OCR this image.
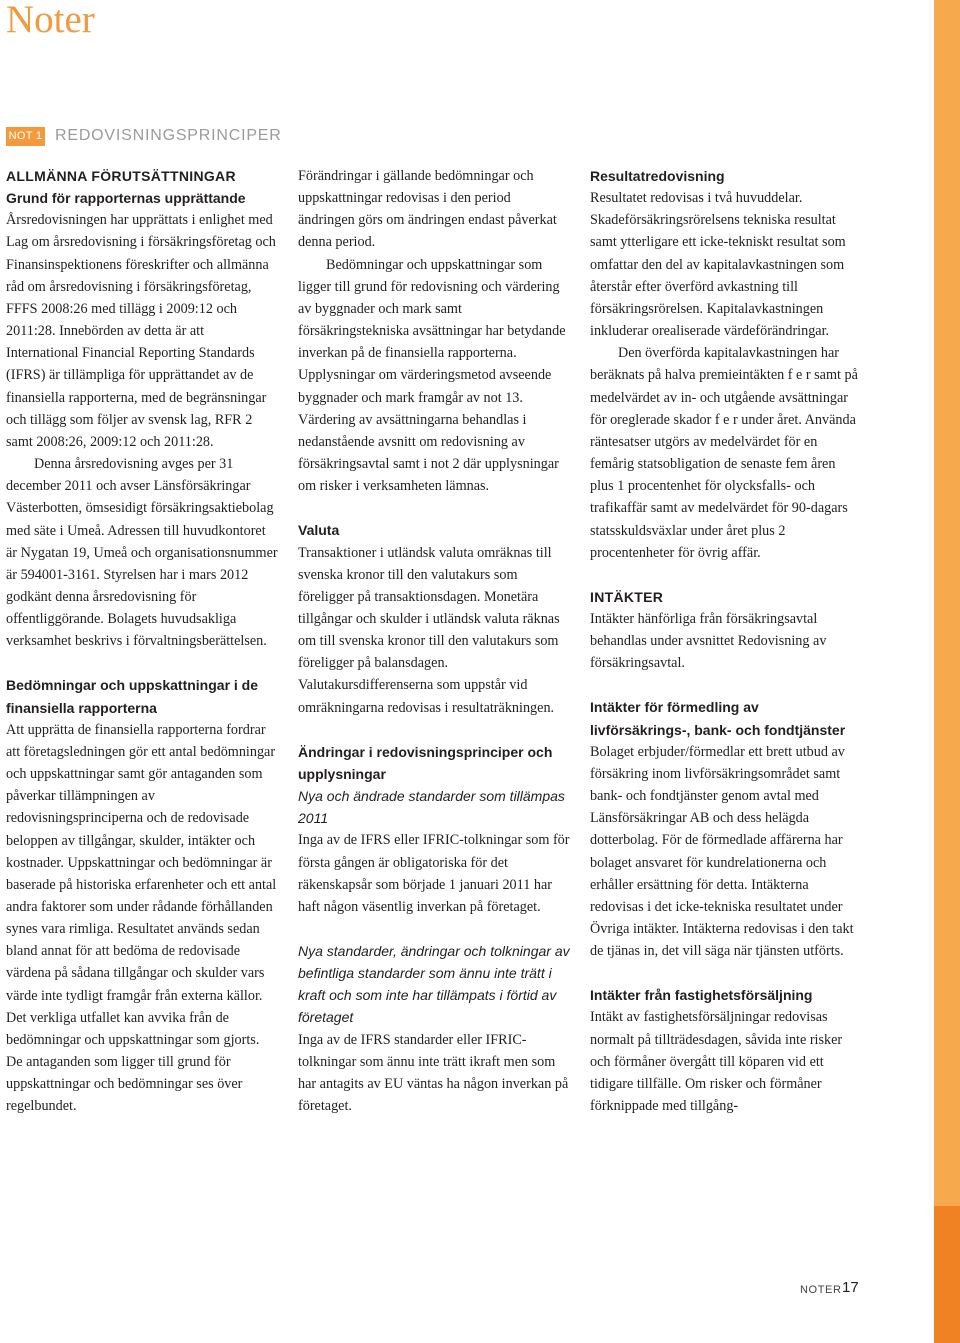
Noter
NOT 1 REDOVISNINGSPRINCIPER
ALLMÄNNA FÖRUTSÄTTNINGAR
Grund för rapporternas upprättande

Årsredovisningen har upprättats i enlighet med Lag om årsredovisning i försäkringsföretag och Finansinspektionens föreskrifter och allmänna råd om årsredovisning i försäkringsföretag, FFFS 2008:26 med tillägg i 2009:12 och 2011:28. Innebörden av detta är att International Financial Reporting Standards (IFRS) är tillämpliga för upprättandet av de finansiella rapporterna, med de begränsningar och tillägg som följer av svensk lag, RFR 2 samt 2008:26, 2009:12 och 2011:28.

Denna årsredovisning avges per 31 december 2011 och avser Länsförsäkringar Västerbotten, ömsesidigt försäkringsaktiebolag med säte i Umeå. Adressen till huvudkontoret är Nygatan 19, Umeå och organisationsnummer är 594001-3161. Styrelsen har i mars 2012 godkänt denna årsredovisning för offentliggörande. Bolagets huvudsakliga verksamhet beskrivs i förvaltningsberättelsen.

Bedömningar och uppskattningar i de finansiella rapporterna

Att upprätta de finansiella rapporterna fordrar att företagsledningen gör ett antal bedömningar och uppskattningar samt gör antaganden som påverkar tillämpningen av redovisningsprinciperna och de redovisade beloppen av tillgångar, skulder, intäkter och kostnader. Uppskattningar och bedömningar är baserade på historiska erfarenheter och ett antal andra faktorer som under rådande förhållanden synes vara rimliga. Resultatet används sedan bland annat för att bedöma de redovisade värdena på sådana tillgångar och skulder vars värde inte tydligt framgår från externa källor. Det verkliga utfallet kan avvika från de bedömningar och uppskattningar som gjorts. De antaganden som ligger till grund för uppskattningar och bedömningar ses över regelbundet.

Förändringar i gällande bedömningar och uppskattningar redovisas i den period ändringen görs om ändringen endast påverkat denna period.

Bedömningar och uppskattningar som ligger till grund för redovisning och värdering av byggnader och mark samt försäkringstekniska avsättningar har betydande inverkan på de finansiella rapporterna. Upplysningar om värderingsmetod avseende byggnader och mark framgår av not 13. Värdering av avsättningarna behandlas i nedanstående avsnitt om redovisning av försäkringsavtal samt i not 2 där upplysningar om risker i verksamheten lämnas.

Valuta

Transaktioner i utländsk valuta omräknas till svenska kronor till den valutakurs som föreligger på transaktionsdagen. Monetära tillgångar och skulder i utländsk valuta räknas om till svenska kronor till den valutakurs som föreligger på balansdagen. Valutakursdifferenserna som uppstår vid omräkningarna redovisas i resultaträkningen.

Ändringar i redovisningsprinciper och upplysningar
Nya och ändrade standarder som tillämpas 2011

Inga av de IFRS eller IFRIC-tolkningar som för första gången är obligatoriska för det räkenskapsår som började 1 januari 2011 har haft någon väsentlig inverkan på företaget.

Nya standarder, ändringar och tolkningar av befintliga standarder som ännu inte trätt i kraft och som inte har tillämpats i förtid av företaget

Inga av de IFRS standarder eller IFRIC-tolkningar som ännu inte trätt ikraft men som har antagits av EU väntas ha någon inverkan på företaget.

Resultatredovisning

Resultatet redovisas i två huvuddelar. Skadeförsäkringsrörelsens tekniska resultat samt ytterligare ett icke-tekniskt resultat som omfattar den del av kapitalavkastningen som återstår efter överförd avkastning till försäkringsrörelsen. Kapitalavkastningen inkluderar orealiserade värdeförändringar.

Den överförda kapitalavkastningen har beräknats på halva premieintäkten f e r samt på medelvärdet av in- och utgående avsättningar för oreglerade skador f e r under året. Använda räntesatser utgörs av medelvärdet för en femårig statsobligation de senaste fem åren plus 1 procentenhet för olycksfalls- och trafikaffär samt av medelvärdet för 90-dagars statsskuldsväxlar under året plus 2 procentenheter för övrig affär.

INTÄKTER

Intäkter hänförliga från försäkringsavtal behandlas under avsnittet Redovisning av försäkringsavtal.

Intäkter för förmedling av livförsäkrings-, bank- och fondtjänster

Bolaget erbjuder/förmedlar ett brett utbud av försäkring inom livförsäkringsområdet samt bank- och fondtjänster genom avtal med Länsförsäkringar AB och dess helägda dotterbolag. För de förmedlade affärerna har bolaget ansvaret för kundrelationerna och erhåller ersättning för detta. Intäkterna redovisas i det icke-tekniska resultatet under Övriga intäkter. Intäkterna redovisas i den takt de tjänas in, det vill säga när tjänsten utförts.

Intäkter från fastighetsförsäljning

Intäkt av fastighetsförsäljningar redovisas normalt på tillträdesdagen, såvida inte risker och förmåner övergått till köparen vid ett tidigare tillfälle. Om risker och förmåner förknippade med tillgång-

NOTER 17
